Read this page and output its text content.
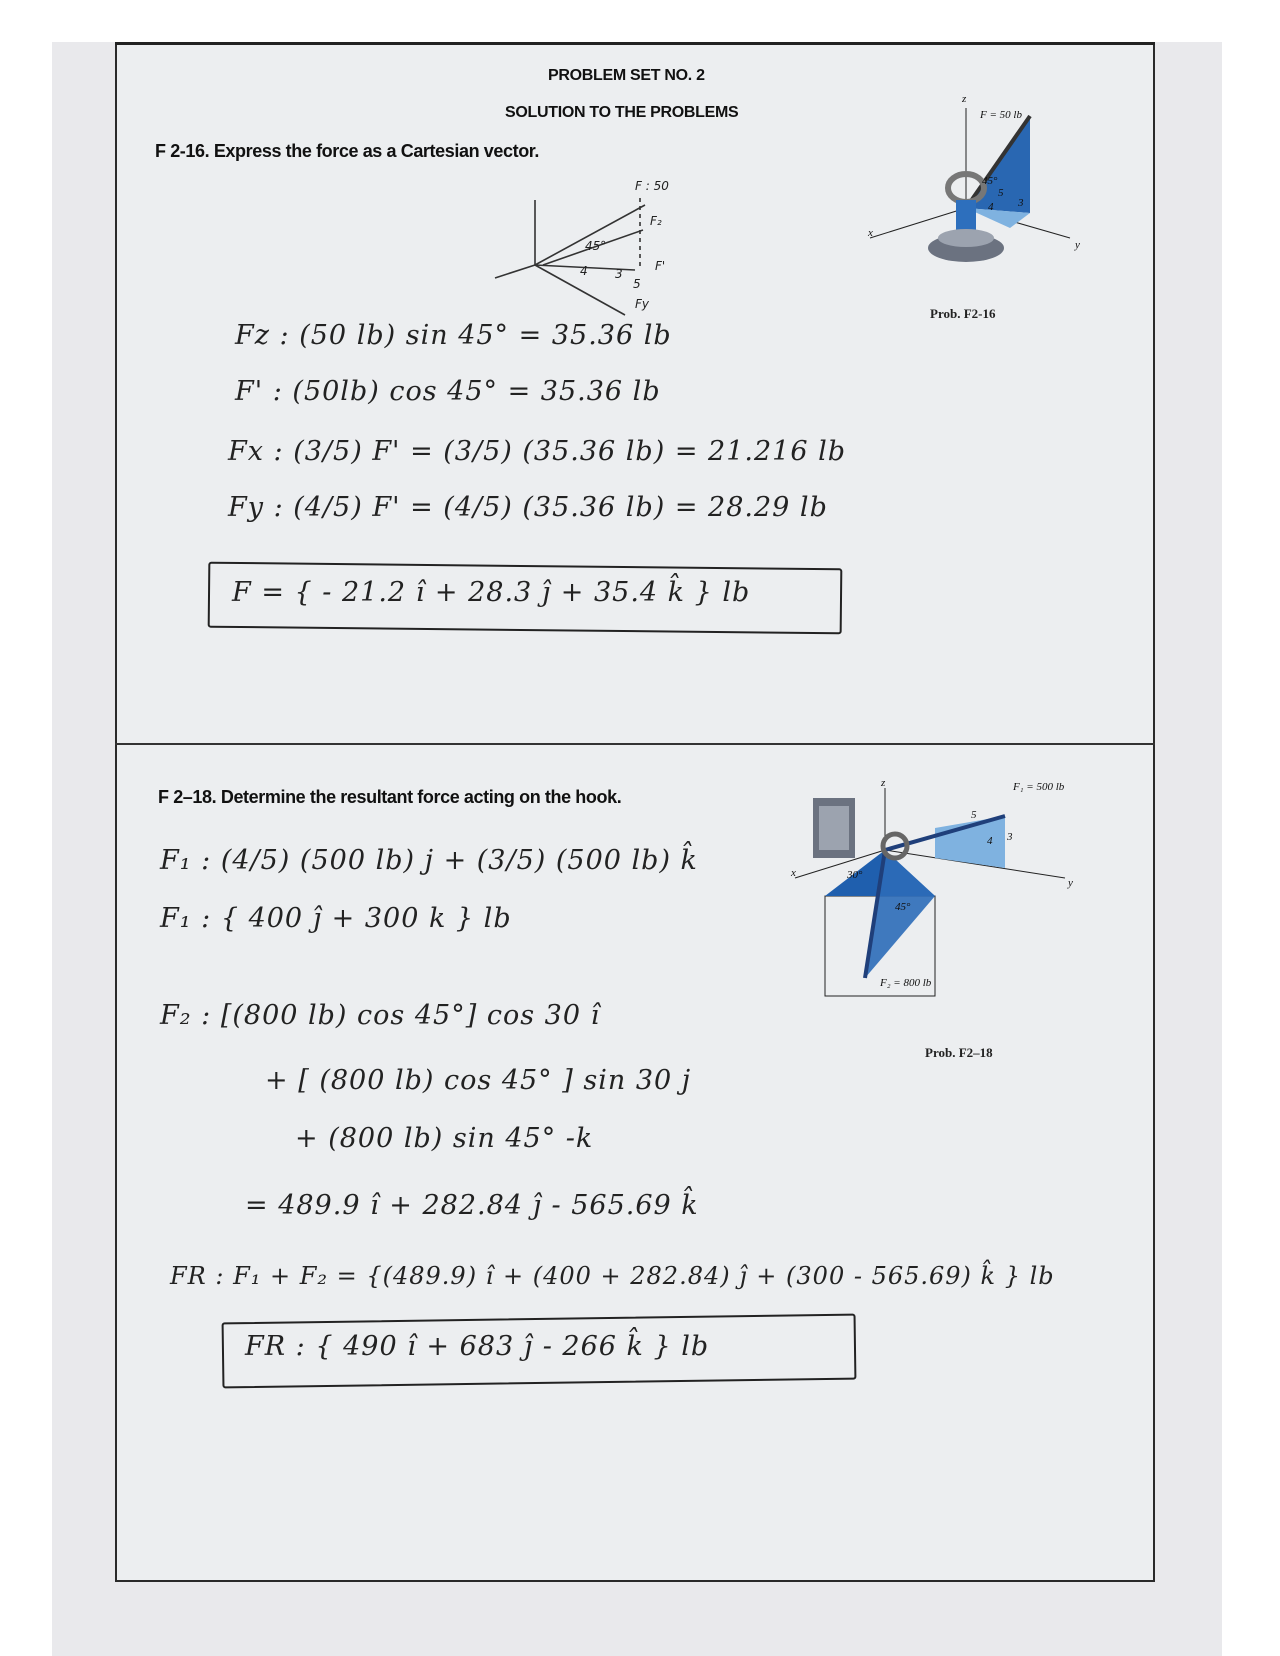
PROBLEM SET NO. 2
SOLUTION TO THE PROBLEMS
F 2-16. Express the force as a Cartesian vector.
F : 50
F₂
F'
45°
4 3
5
Fy
z
x
y
F = 50 lb
45°
5
4 3
Prob. F2-16
Fz : (50 lb) sin 45° = 35.36 lb
F' : (50lb) cos 45° = 35.36 lb
Fx : (3/5) F' = (3/5) (35.36 lb) = 21.216 lb
Fy : (4/5) F' = (4/5) (35.36 lb) = 28.29 lb
F = { - 21.2 î + 28.3 ĵ + 35.4 k̂ } lb
F 2–18. Determine the resultant force acting on the hook.
z
x
y
F₁ = 500 lb
F₂ = 800 lb
45°
30°
5
4 3
Prob. F2–18
F₁ : (4/5) (500 lb) j + (3/5) (500 lb) k̂
F₁ : { 400 ĵ + 300 k } lb
F₂ : [(800 lb) cos 45°] cos 30 î
+ [ (800 lb) cos 45° ] sin 30 j
+ (800 lb) sin 45° -k
= 489.9 î + 282.84 ĵ - 565.69 k̂
FR : F₁ + F₂ = {(489.9) î + (400 + 282.84) ĵ + (300 - 565.69) k̂ } lb
FR : { 490 î + 683 ĵ - 266 k̂ } lb
